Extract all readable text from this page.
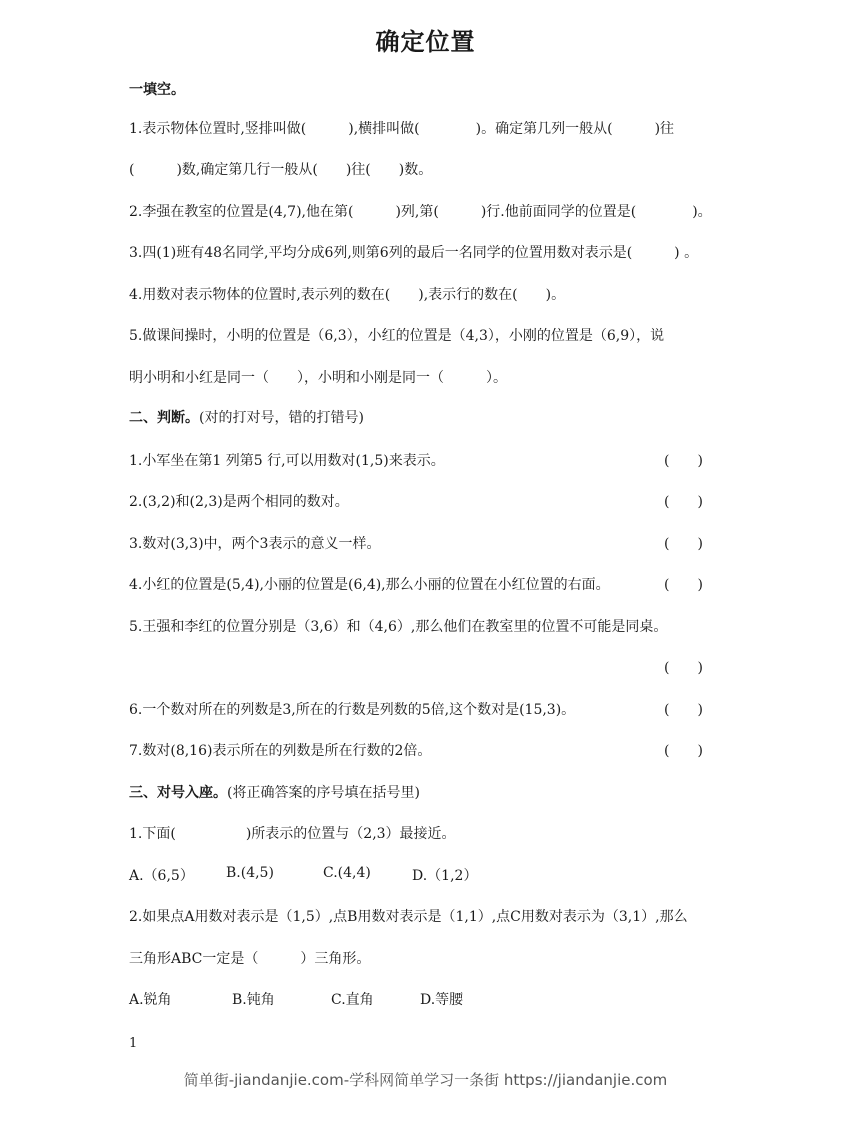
确定位置
一填空。
1.表示物体位置时,竖排叫做(　　　),横排叫做(　　　　)。确定第几列一般从(　　　)往
(　　　)数,确定第几行一般从(　　)往(　　)数。
2.李强在教室的位置是(4,7),他在第(　　　)列,第(　　　)行.他前面同学的位置是(　　　　)。
3.四(1)班有48名同学,平均分成6列,则第6列的最后一名同学的位置用数对表示是(　　　) 。
4.用数对表示物体的位置时,表示列的数在(　　),表示行的数在(　　)。
5.做课间操时，小明的位置是（6,3），小红的位置是（4,3），小刚的位置是（6,9），说
明小明和小红是同一（　　），小明和小刚是同一（　　　）。
二、判断。(对的打对号，错的打错号)
1.小军坐在第1 列第5 行,可以用数对(1,5)来表示。	(　　)
2.(3,2)和(2,3)是两个相同的数对。	(　　)
3.数对(3,3)中，两个3表示的意义一样。	(　　)
4.小红的位置是(5,4),小丽的位置是(6,4),那么小丽的位置在小红位置的右面。	(　　)
5.王强和李红的位置分别是（3,6）和（4,6）,那么他们在教室里的位置不可能是同桌。
(　　)
6.一个数对所在的列数是3,所在的行数是列数的5倍,这个数对是(15,3)。	(　　)
7.数对(8,16)表示所在的列数是所在行数的2倍。	(　　)
三、对号入座。(将正确答案的序号填在括号里)
1.下面(　　　　　)所表示的位置与（2,3）最接近。
A.（6,5） B.(4,5)	C.(4,4)	D.（1,2）
2.如果点A用数对表示是（1,5）,点B用数对表示是（1,1）,点C用数对表示为（3,1）,那么
三角形ABC一定是（　　　）三角形。
A.锐角	B.钝角	C.直角	D.等腰
1
简单街-jiandanjie.com-学科网简单学习一条街 https://jiandanjie.com
